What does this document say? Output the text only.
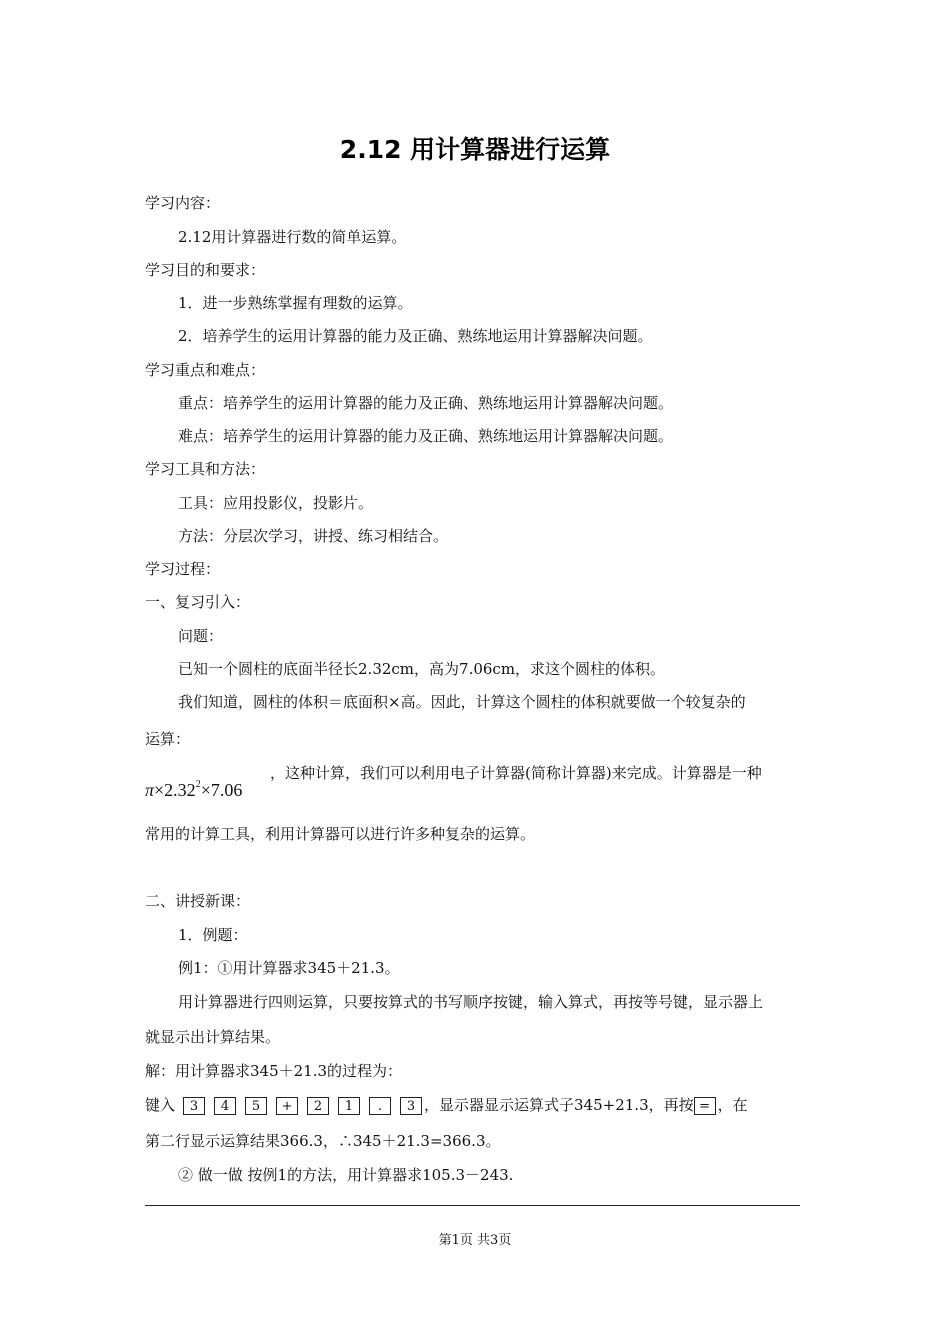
2.12 用计算器进行运算
学习内容：
2.12用计算器进行数的简单运算。
学习目的和要求：
1．进一步熟练掌握有理数的运算。
2．培养学生的运用计算器的能力及正确、熟练地运用计算器解决问题。
学习重点和难点：
重点：培养学生的运用计算器的能力及正确、熟练地运用计算器解决问题。
难点：培养学生的运用计算器的能力及正确、熟练地运用计算器解决问题。
学习工具和方法：
工具：应用投影仪，投影片。
方法：分层次学习，讲授、练习相结合。
学习过程：
一、复习引入：
问题：
已知一个圆柱的底面半径长2.32cm，高为7.06cm，求这个圆柱的体积。
我们知道，圆柱的体积＝底面积×高。因此，计算这个圆柱的体积就要做一个较复杂的
运算：
$\pi\times 2.32^2\times 7.06$
，这种计算，我们可以利用电子计算器(简称计算器)来完成。计算器是一种
常用的计算工具，利用计算器可以进行许多种复杂的运算。
二、讲授新课：
1．例题：
例1：①用计算器求345＋21.3。
用计算器进行四则运算，只要按算式的书写顺序按键，输入算式，再按等号键，显示器上
就显示出计算结果。
解：用计算器求345＋21.3的过程为：
键入 3 4 5 + 2 1 . 3 ，显示器显示运算式子345+21.3，再按 = ，在
第二行显示运算结果366.3，∴345＋21.3=366.3。
② 做一做 按例1的方法，用计算器求105.3－243.
第1页 共3页
